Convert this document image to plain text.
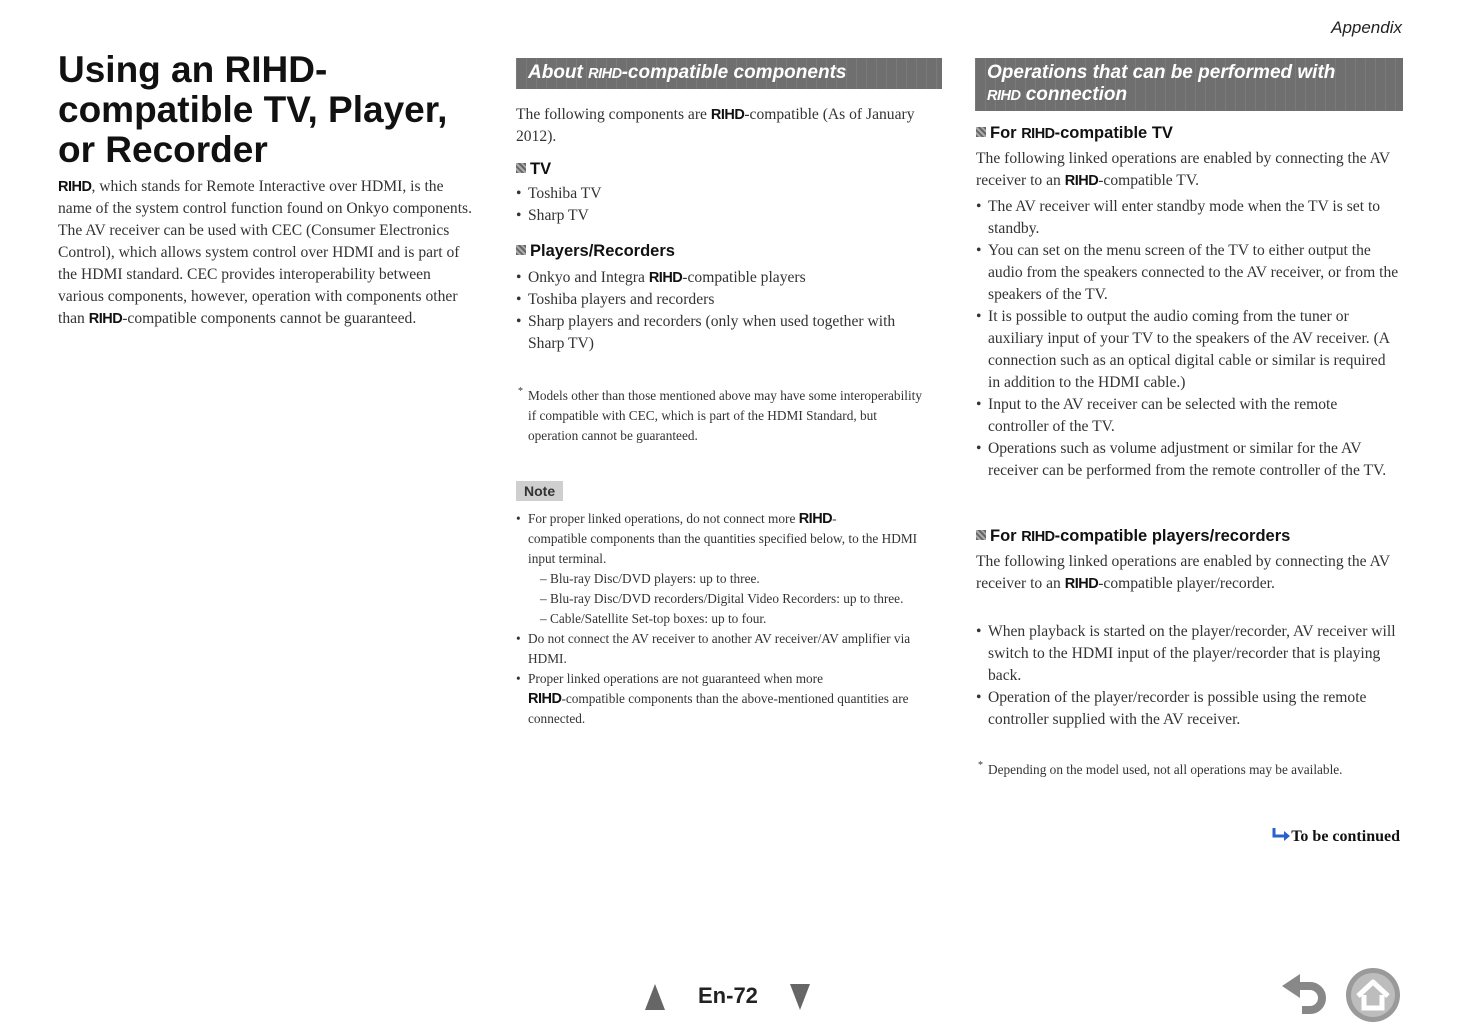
Appendix
Using an RIHD-compatible TV, Player, or Recorder
RIHD, which stands for Remote Interactive over HDMI, is the name of the system control function found on Onkyo components. The AV receiver can be used with CEC (Consumer Electronics Control), which allows system control over HDMI and is part of the HDMI standard. CEC provides interoperability between various components, however, operation with components other than RIHD-compatible components cannot be guaranteed.
About RIHD-compatible components
The following components are RIHD-compatible (As of January 2012).
TV
• Toshiba TV
• Sharp TV
Players/Recorders
• Onkyo and Integra RIHD-compatible players
• Toshiba players and recorders
• Sharp players and recorders (only when used together with Sharp TV)
* Models other than those mentioned above may have some interoperability if compatible with CEC, which is part of the HDMI Standard, but operation cannot be guaranteed.
Note
• For proper linked operations, do not connect more RIHD-
compatible components than the quantities specified below, to the HDMI input terminal.
– Blu-ray Disc/DVD players: up to three.
– Blu-ray Disc/DVD recorders/Digital Video Recorders: up to three.
– Cable/Satellite Set-top boxes: up to four.
• Do not connect the AV receiver to another AV receiver/AV amplifier via HDMI.
• Proper linked operations are not guaranteed when more
RIHD-compatible components than the above-mentioned quantities are connected.
Operations that can be performed with
RIHD connection
For RIHD-compatible TV
The following linked operations are enabled by connecting the AV receiver to an RIHD-compatible TV.
• The AV receiver will enter standby mode when the TV is set to standby.
• You can set on the menu screen of the TV to either output the audio from the speakers connected to the AV receiver, or from the speakers of the TV.
• It is possible to output the audio coming from the tuner or auxiliary input of your TV to the speakers of the AV receiver. (A connection such as an optical digital cable or similar is required in addition to the HDMI cable.)
• Input to the AV receiver can be selected with the remote controller of the TV.
• Operations such as volume adjustment or similar for the AV receiver can be performed from the remote controller of the TV.
For RIHD-compatible players/recorders
The following linked operations are enabled by connecting the AV receiver to an RIHD-compatible player/recorder.
• When playback is started on the player/recorder, AV receiver will switch to the HDMI input of the player/recorder that is playing back.
• Operation of the player/recorder is possible using the remote controller supplied with the AV receiver.
* Depending on the model used, not all operations may be available.
To be continued
En-72
